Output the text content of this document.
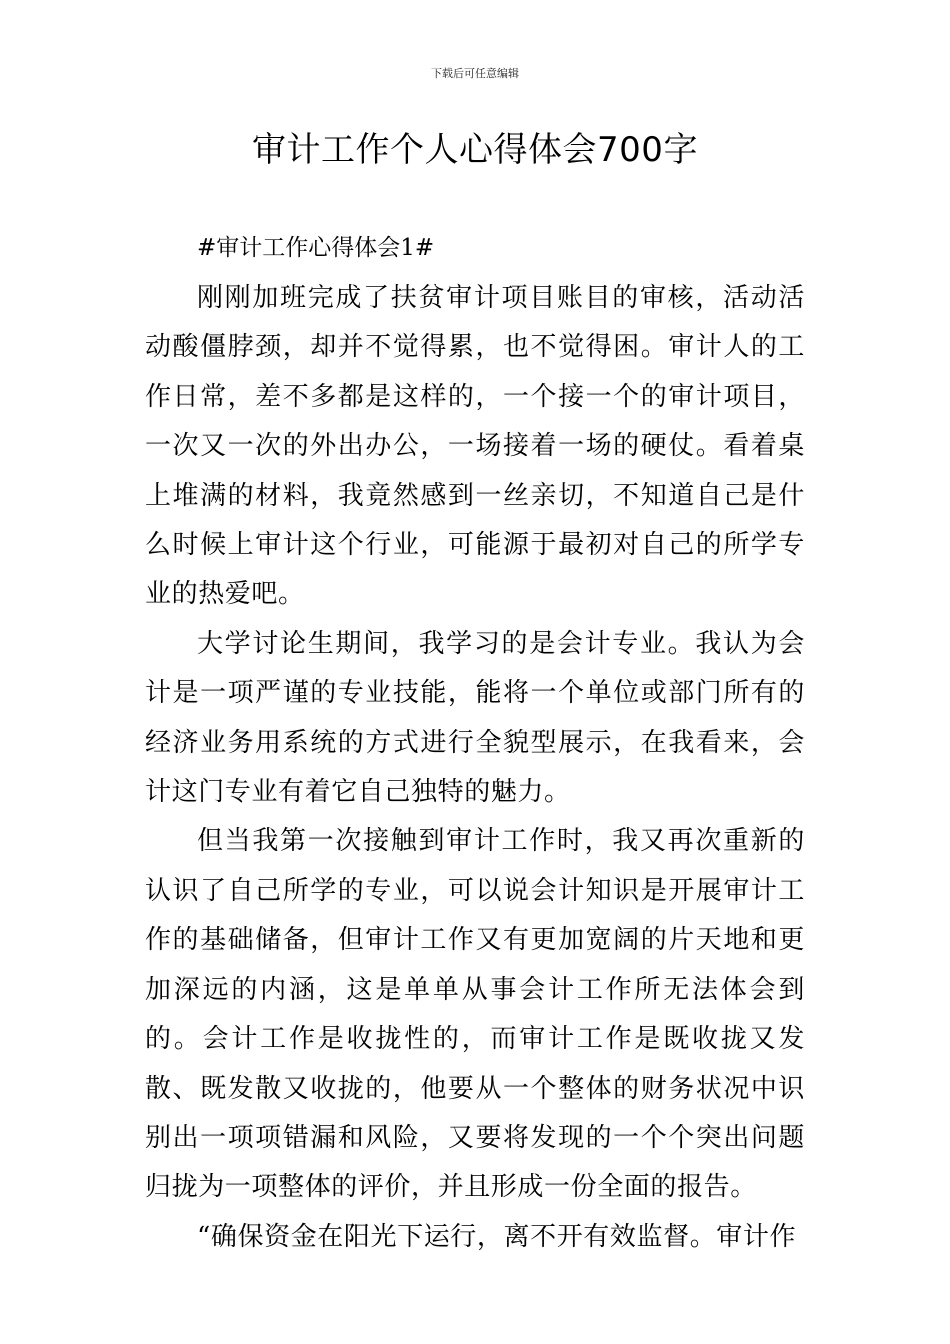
下载后可任意编辑
审计工作个人心得体会700字

#审计工作心得体会1#

刚刚加班完成了扶贫审计项目账目的审核，活动活动酸僵脖颈，却并不觉得累，也不觉得困。审计人的工作日常，差不多都是这样的，一个接一个的审计项目，一次又一次的外出办公，一场接着一场的硬仗。看着桌上堆满的材料，我竟然感到一丝亲切，不知道自己是什么时候上审计这个行业，可能源于最初对自己的所学专业的热爱吧。

大学讨论生期间，我学习的是会计专业。我认为会计是一项严谨的专业技能，能将一个单位或部门所有的经济业务用系统的方式进行全貌型展示，在我看来，会计这门专业有着它自己独特的魅力。

但当我第一次接触到审计工作时，我又再次重新的认识了自己所学的专业，可以说会计知识是开展审计工作的基础储备，但审计工作又有更加宽阔的片天地和更加深远的内涵，这是单单从事会计工作所无法体会到的。会计工作是收拢性的，而审计工作是既收拢又发散、既发散又收拢的，他要从一个整体的财务状况中识别出一项项错漏和风险，又要将发现的一个个突出问题归拢为一项整体的评价，并且形成一份全面的报告。

“确保资金在阳光下运行，离不开有效监督。审计作
